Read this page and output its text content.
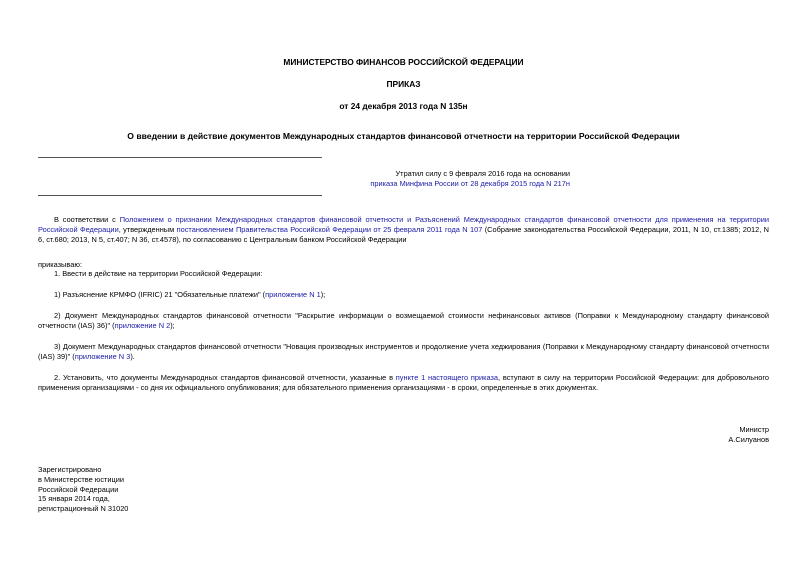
МИНИСТЕРСТВО ФИНАНСОВ РОССИЙСКОЙ ФЕДЕРАЦИИ
ПРИКАЗ
от 24 декабря 2013 года N 135н
О введении в действие документов Международных стандартов финансовой отчетности на территории Российской Федерации
Утратил силу с 9 февраля 2016 года на основании
приказа Минфина России от 28 декабря 2015 года N 217н
В соответствии с Положением о признании Международных стандартов финансовой отчетности и Разъяснений Международных стандартов финансовой отчетности для применения на территории Российской Федерации, утвержденным постановлением Правительства Российской Федерации от 25 февраля 2011 года N 107 (Собрание законодательства Российской Федерации, 2011, N 10, ст.1385; 2012, N 6, ст.680; 2013, N 5, ст.407; N 36, ст.4578), по согласованию с Центральным банком Российской Федерации
приказываю:
1. Ввести в действие на территории Российской Федерации:
1) Разъяснение КРМФО (IFRIC) 21 "Обязательные платежи" (приложение N 1);
2) Документ Международных стандартов финансовой отчетности "Раскрытие информации о возмещаемой стоимости нефинансовых активов (Поправки к Международному стандарту финансовой отчетности (IAS) 36)" (приложение N 2);
3) Документ Международных стандартов финансовой отчетности "Новация производных инструментов и продолжение учета хеджирования (Поправки к Международному стандарту финансовой отчетности (IAS) 39)" (приложение N 3).
2. Установить, что документы Международных стандартов финансовой отчетности, указанные в пункте 1 настоящего приказа, вступают в силу на территории Российской Федерации: для добровольного применения организациями - со дня их официального опубликования; для обязательного применения организациями - в сроки, определенные в этих документах.
Министр
А.Силуанов
Зарегистрировано
в Министерстве юстиции
Российской Федерации
15 января 2014 года,
регистрационный N 31020
